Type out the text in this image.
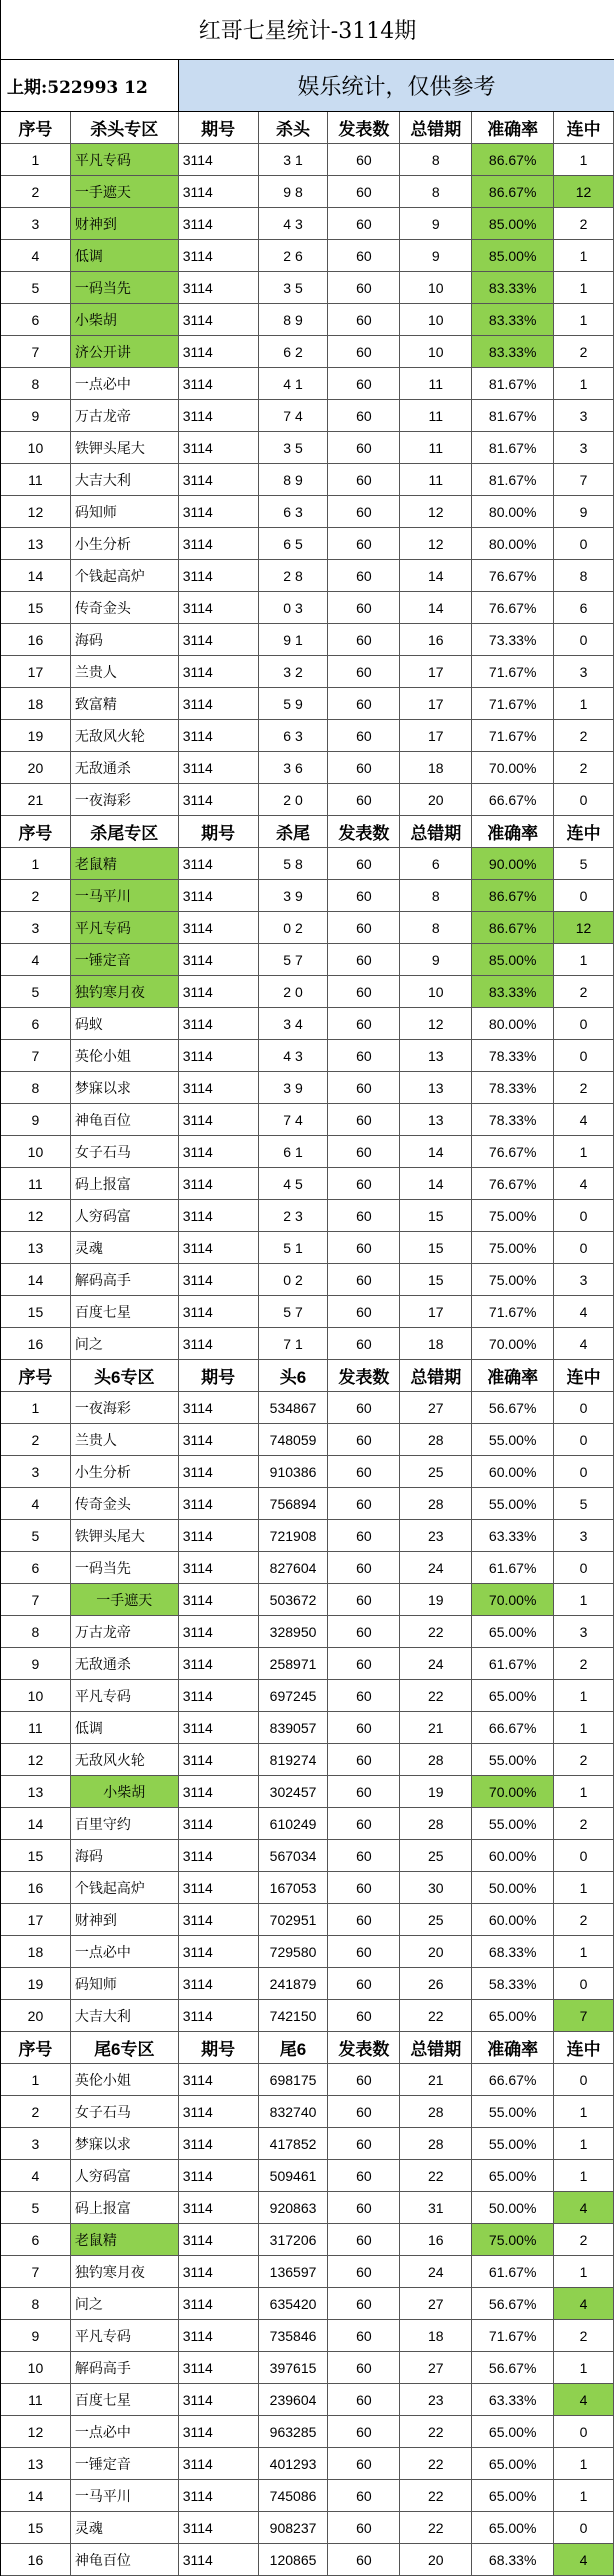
红哥七星统计-3114期
上期:522993 12	娱乐统计，仅供参考
序号	杀头专区	期号	杀头	发表数	总错期	准确率	连中
1	平凡专码	3114	3 1	60	8	86.67%	1
2	一手遮天	3114	9 8	60	8	86.67%	12
3	财神到	3114	4 3	60	9	85.00%	2
4	低调	3114	2 6	60	9	85.00%	1
5	一码当先	3114	3 5	60	10	83.33%	1
6	小柴胡	3114	8 9	60	10	83.33%	1
7	济公开讲	3114	6 2	60	10	83.33%	2
8	一点必中	3114	4 1	60	11	81.67%	1
9	万古龙帝	3114	7 4	60	11	81.67%	3
10	铁钾头尾大	3114	3 5	60	11	81.67%	3
11	大吉大利	3114	8 9	60	11	81.67%	7
12	码知师	3114	6 3	60	12	80.00%	9
13	小生分析	3114	6 5	60	12	80.00%	0
14	个钱起高炉	3114	2 8	60	14	76.67%	8
15	传奇金头	3114	0 3	60	14	76.67%	6
16	海码	3114	9 1	60	16	73.33%	0
17	兰贵人	3114	3 2	60	17	71.67%	3
18	致富精	3114	5 9	60	17	71.67%	1
19	无敌风火轮	3114	6 3	60	17	71.67%	2
20	无敌通杀	3114	3 6	60	18	70.00%	2
21	一夜海彩	3114	2 0	60	20	66.67%	0
序号	杀尾专区	期号	杀尾	发表数	总错期	准确率	连中
1	老鼠精	3114	5 8	60	6	90.00%	5
2	一马平川	3114	3 9	60	8	86.67%	0
3	平凡专码	3114	0 2	60	8	86.67%	12
4	一锤定音	3114	5 7	60	9	85.00%	1
5	独钓寒月夜	3114	2 0	60	10	83.33%	2
6	码蚁	3114	3 4	60	12	80.00%	0
7	英伦小姐	3114	4 3	60	13	78.33%	0
8	梦寐以求	3114	3 9	60	13	78.33%	2
9	神龟百位	3114	7 4	60	13	78.33%	4
10	女子石马	3114	6 1	60	14	76.67%	1
11	码上报富	3114	4 5	60	14	76.67%	4
12	人穷码富	3114	2 3	60	15	75.00%	0
13	灵魂	3114	5 1	60	15	75.00%	0
14	解码高手	3114	0 2	60	15	75.00%	3
15	百度七星	3114	5 7	60	17	71.67%	4
16	问之	3114	7 1	60	18	70.00%	4
序号	头6专区	期号	头6	发表数	总错期	准确率	连中
1	一夜海彩	3114	534867	60	27	56.67%	0
2	兰贵人	3114	748059	60	28	55.00%	0
3	小生分析	3114	910386	60	25	60.00%	0
4	传奇金头	3114	756894	60	28	55.00%	5
5	铁钾头尾大	3114	721908	60	23	63.33%	3
6	一码当先	3114	827604	60	24	61.67%	0
7	一手遮天	3114	503672	60	19	70.00%	1
8	万古龙帝	3114	328950	60	22	65.00%	3
9	无敌通杀	3114	258971	60	24	61.67%	2
10	平凡专码	3114	697245	60	22	65.00%	1
11	低调	3114	839057	60	21	66.67%	1
12	无敌风火轮	3114	819274	60	28	55.00%	2
13	小柴胡	3114	302457	60	19	70.00%	1
14	百里守约	3114	610249	60	28	55.00%	2
15	海码	3114	567034	60	25	60.00%	0
16	个钱起高炉	3114	167053	60	30	50.00%	1
17	财神到	3114	702951	60	25	60.00%	2
18	一点必中	3114	729580	60	20	68.33%	1
19	码知师	3114	241879	60	26	58.33%	0
20	大吉大利	3114	742150	60	22	65.00%	7
序号	尾6专区	期号	尾6	发表数	总错期	准确率	连中
1	英伦小姐	3114	698175	60	21	66.67%	0
2	女子石马	3114	832740	60	28	55.00%	1
3	梦寐以求	3114	417852	60	28	55.00%	1
4	人穷码富	3114	509461	60	22	65.00%	1
5	码上报富	3114	920863	60	31	50.00%	4
6	老鼠精	3114	317206	60	16	75.00%	2
7	独钓寒月夜	3114	136597	60	24	61.67%	1
8	问之	3114	635420	60	27	56.67%	4
9	平凡专码	3114	735846	60	18	71.67%	2
10	解码高手	3114	397615	60	27	56.67%	1
11	百度七星	3114	239604	60	23	63.33%	4
12	一点必中	3114	963285	60	22	65.00%	0
13	一锤定音	3114	401293	60	22	65.00%	1
14	一马平川	3114	745086	60	22	65.00%	1
15	灵魂	3114	908237	60	22	65.00%	0
16	神龟百位	3114	120865	60	20	68.33%	4
